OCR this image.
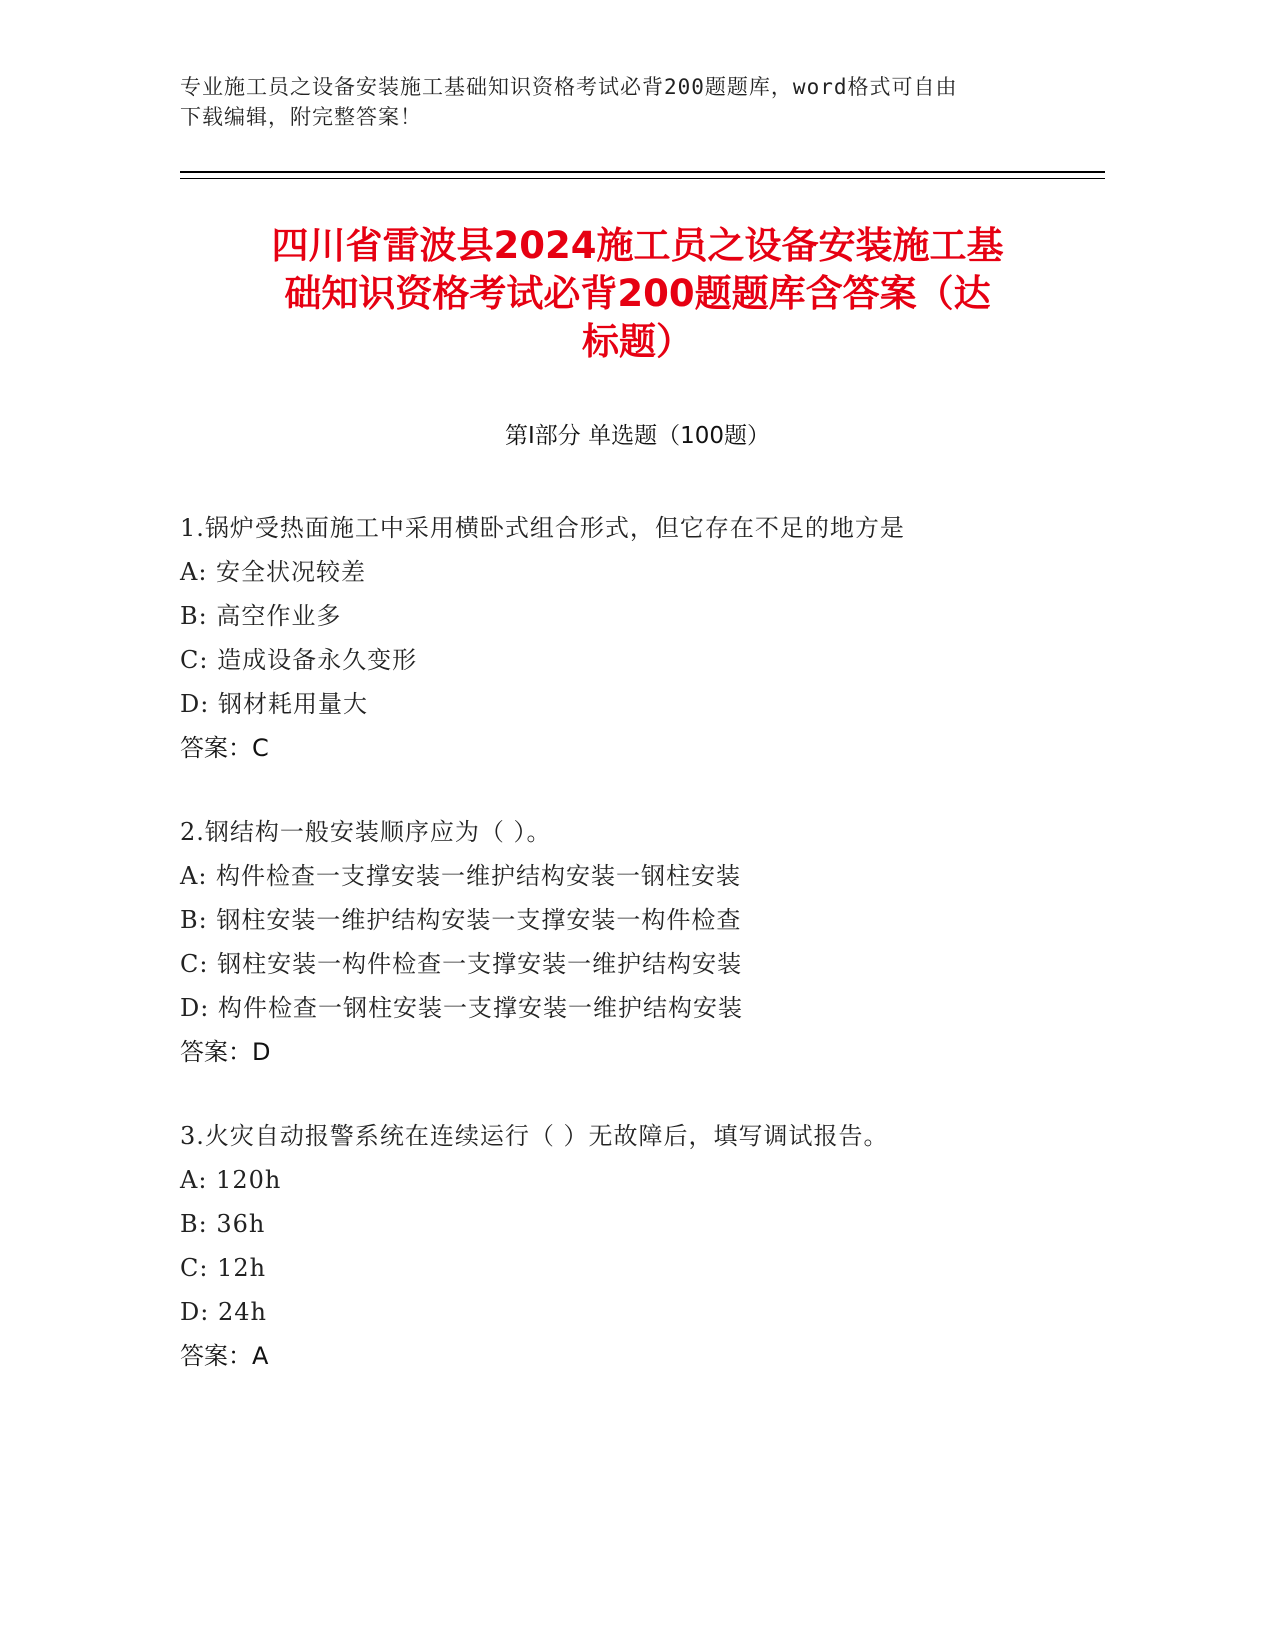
专业施工员之设备安装施工基础知识资格考试必背200题题库，word格式可自由
下载编辑，附完整答案！
四川省雷波县2024施工员之设备安装施工基
础知识资格考试必背200题题库含答案（达
标题）
第I部分 单选题（100题）
1.锅炉受热面施工中采用横卧式组合形式，但它存在不足的地方是
A: 安全状况较差
B: 高空作业多
C: 造成设备永久变形
D: 钢材耗用量大
答案：C
2.钢结构一般安装顺序应为（ ）。
A: 构件检查一支撑安装一维护结构安装一钢柱安装
B: 钢柱安装一维护结构安装一支撑安装一构件检查
C: 钢柱安装一构件检查一支撑安装一维护结构安装
D: 构件检查一钢柱安装一支撑安装一维护结构安装
答案：D
3.火灾自动报警系统在连续运行（ ）无故障后，填写调试报告。
A: 120h
B: 36h
C: 12h
D: 24h
答案：A
